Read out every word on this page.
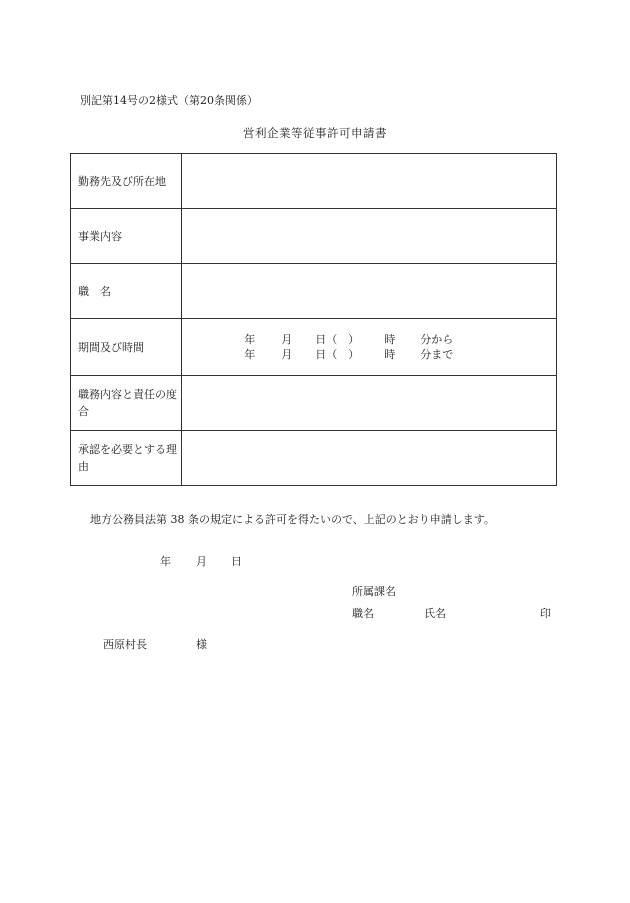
別記第14号の2様式（第20条関係）
営利企業等従事許可申請書
勤務先及び所在地	
事業内容	
職　名	
期間及び時間	年 月 日（　） 時 分から
年 月 日（　） 時 分まで

職務内容と責任の度合	
承認を必要とする理由	
地方公務員法第 38 条の規定による許可を得たいので、上記のとおり申請します。
年 月 日
所属課名
職名	氏名	印
西原村長	様
